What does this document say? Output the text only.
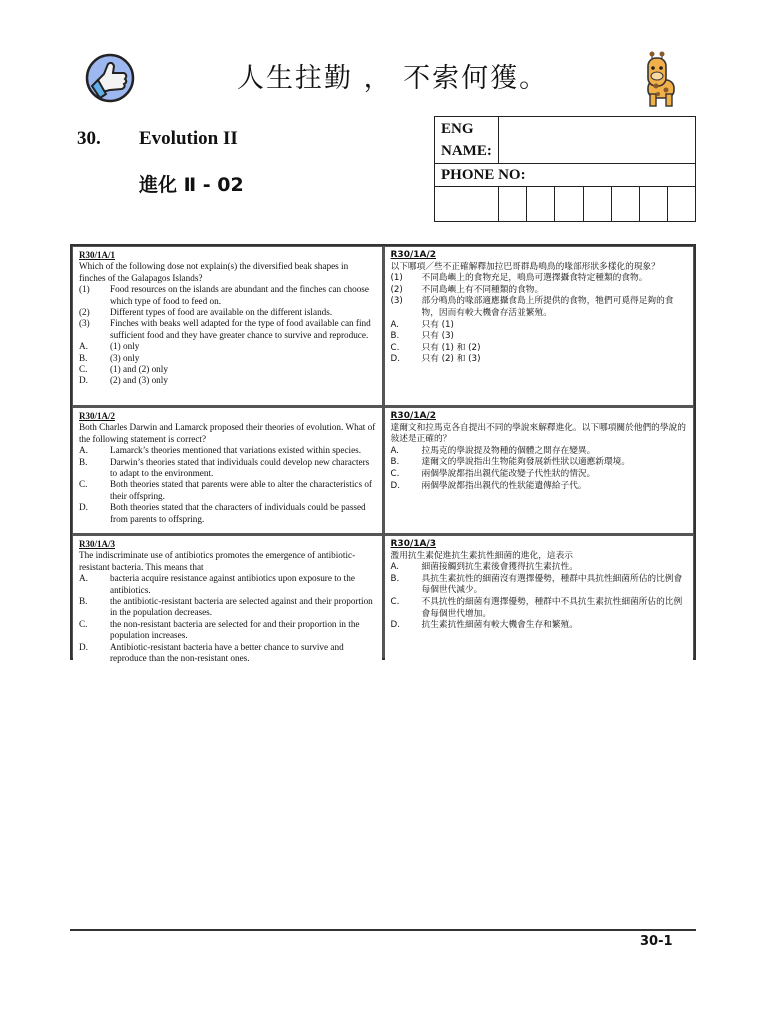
人生拄勤 ， 不索何獲。
30. Evolution II
進化 Ⅱ - 02
ENG
NAME:							
PHONE NO:							

R30/1A/1
Which of the following dose not explain(s) the diversified beak shapes in finches of the Galapagos Islands?
(1)	Food resources on the islands are abundant and the finches can choose which type of food to feed on.
(2)	Different types of food are available on the different islands.
(3)	Finches with beaks well adapted for the type of food available can find sufficient food and they have greater chance to survive and reproduce.
A.	(1) only
B.	(3) only
C.	(1) and (2) only
D.	(2) and (3) only
R30/1A/2
以下哪項／些不正確解釋加拉巴哥群島鳴鳥的喙部形狀多樣化的現象？
(1)	不同島嶼上的食物充足，鳴鳥可選擇攝食特定種類的食物。
(2)	不同島嶼上有不同種類的食物。
(3)	部分鳴鳥的喙部適應攝食島上所提供的食物，牠們可覓得足夠的食物，因而有較大機會存活並繁殖。
A.	只有 (1)
B.	只有 (3)
C.	只有 (1) 和 (2)
D.	只有 (2) 和 (3)
R30/1A/2
Both Charles Darwin and Lamarck proposed their theories of evolution. What of the following statement is correct?
A.	Lamarck’s theories mentioned that variations existed within species.
B.	Darwin’s theories stated that individuals could develop new characters to adapt to the environment.
C.	Both theories stated that parents were able to alter the characteristics of their offspring.
D.	Both theories stated that the characters of individuals could be passed from parents to offspring.
R30/1A/2
達爾文和拉馬克各自提出不同的學說來解釋進化。以下哪項關於他們的學說的敍述是正確的？
A.	拉馬克的學說提及物種的個體之間存在變異。
B.	達爾文的學說指出生物能夠發展新性狀以適應新環境。
C.	兩個學說都指出親代能改變子代性狀的情況。
D.	兩個學說都指出親代的性狀能遺傳給子代。
R30/1A/3
The indiscriminate use of antibiotics promotes the emergence of antibiotic-resistant bacteria. This means that
A.	bacteria acquire resistance against antibiotics upon exposure to the antibiotics.
B.	the antibiotic-resistant bacteria are selected against and their proportion in the population decreases.
C.	the non-resistant bacteria are selected for and their proportion in the population increases.
D.	Antibiotic-resistant bacteria have a better chance to survive and reproduce than the non-resistant ones.
R30/1A/3
濫用抗生素促進抗生素抗性細菌的進化，這表示
A.	細菌接觸到抗生素後會獲得抗生素抗性。
B.	具抗生素抗性的細菌沒有選擇優勢，種群中具抗性細菌所佔的比例會每個世代減少。
C.	不具抗性的細菌有選擇優勢，種群中不具抗生素抗性細菌所佔的比例會每個世代增加。
D.	抗生素抗性細菌有較大機會生存和繁殖。
30-1
